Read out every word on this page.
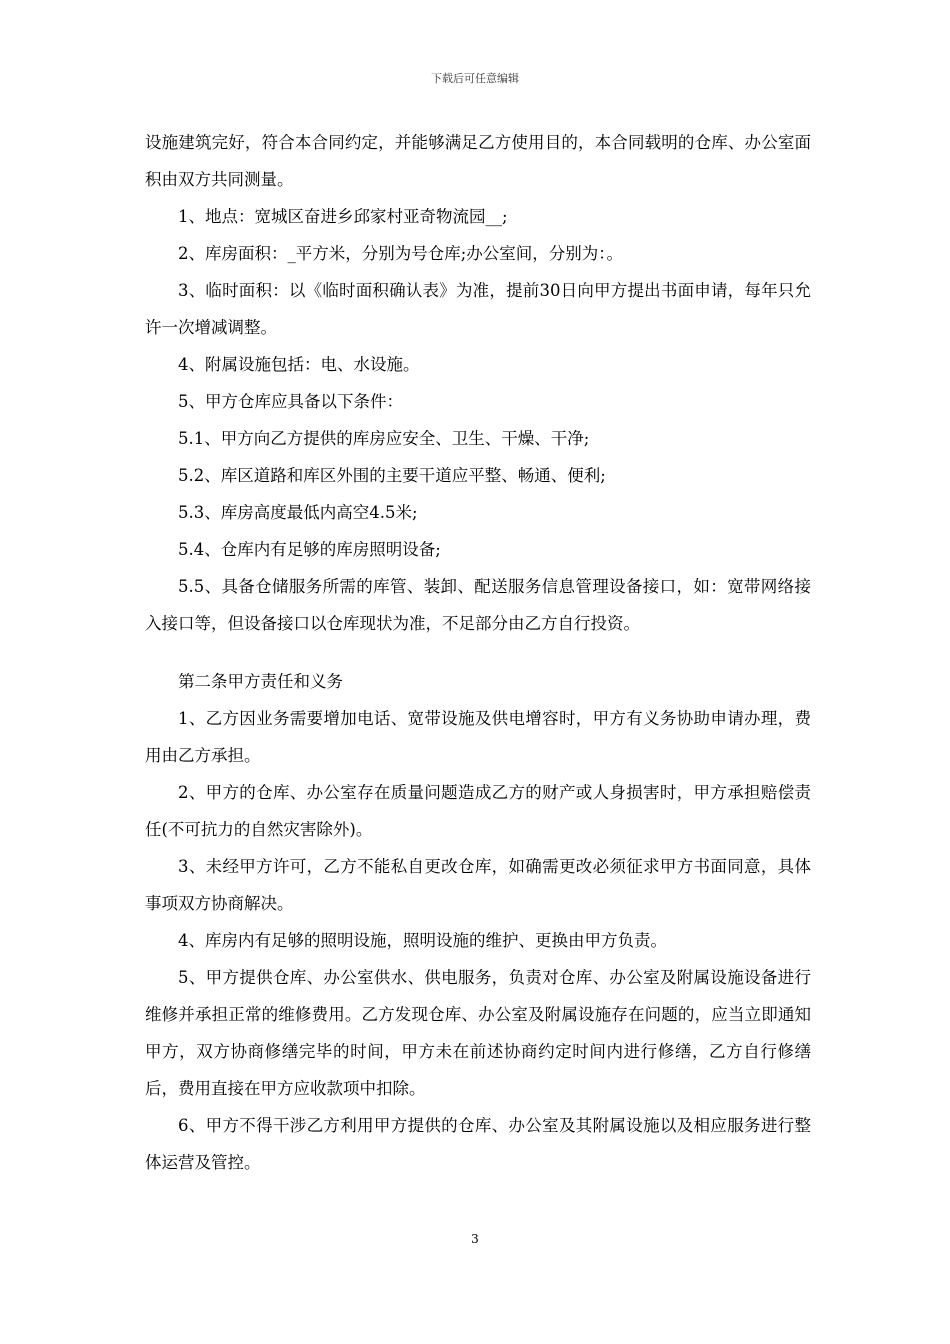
下载后可任意编辑

设施建筑完好，符合本合同约定，并能够满足乙方使用目的，本合同载明的仓库、办公室面积由双方共同测量。

1、地点：宽城区奋进乡邱家村亚奇物流园__;

2、库房面积：_平方米，分别为号仓库;办公室间，分别为：。

3、临时面积：以《临时面积确认表》为准，提前30日向甲方提出书面申请，每年只允许一次增减调整。

4、附属设施包括：电、水设施。

5、甲方仓库应具备以下条件：

5.1、甲方向乙方提供的库房应安全、卫生、干燥、干净;

5.2、库区道路和库区外围的主要干道应平整、畅通、便利;

5.3、库房高度最低内高空4.5米;

5.4、仓库内有足够的库房照明设备;

5.5、具备仓储服务所需的库管、装卸、配送服务信息管理设备接口，如：宽带网络接入接口等，但设备接口以仓库现状为准，不足部分由乙方自行投资。

第二条甲方责任和义务

1、乙方因业务需要增加电话、宽带设施及供电增容时，甲方有义务协助申请办理，费用由乙方承担。

2、甲方的仓库、办公室存在质量问题造成乙方的财产或人身损害时，甲方承担赔偿责任(不可抗力的自然灾害除外)。

3、未经甲方许可，乙方不能私自更改仓库，如确需更改必须征求甲方书面同意，具体事项双方协商解决。

4、库房内有足够的照明设施，照明设施的维护、更换由甲方负责。

5、甲方提供仓库、办公室供水、供电服务，负责对仓库、办公室及附属设施设备进行维修并承担正常的维修费用。乙方发现仓库、办公室及附属设施存在问题的，应当立即通知甲方，双方协商修缮完毕的时间，甲方未在前述协商约定时间内进行修缮，乙方自行修缮后，费用直接在甲方应收款项中扣除。

6、甲方不得干涉乙方利用甲方提供的仓库、办公室及其附属设施以及相应服务进行整体运营及管控。

3
